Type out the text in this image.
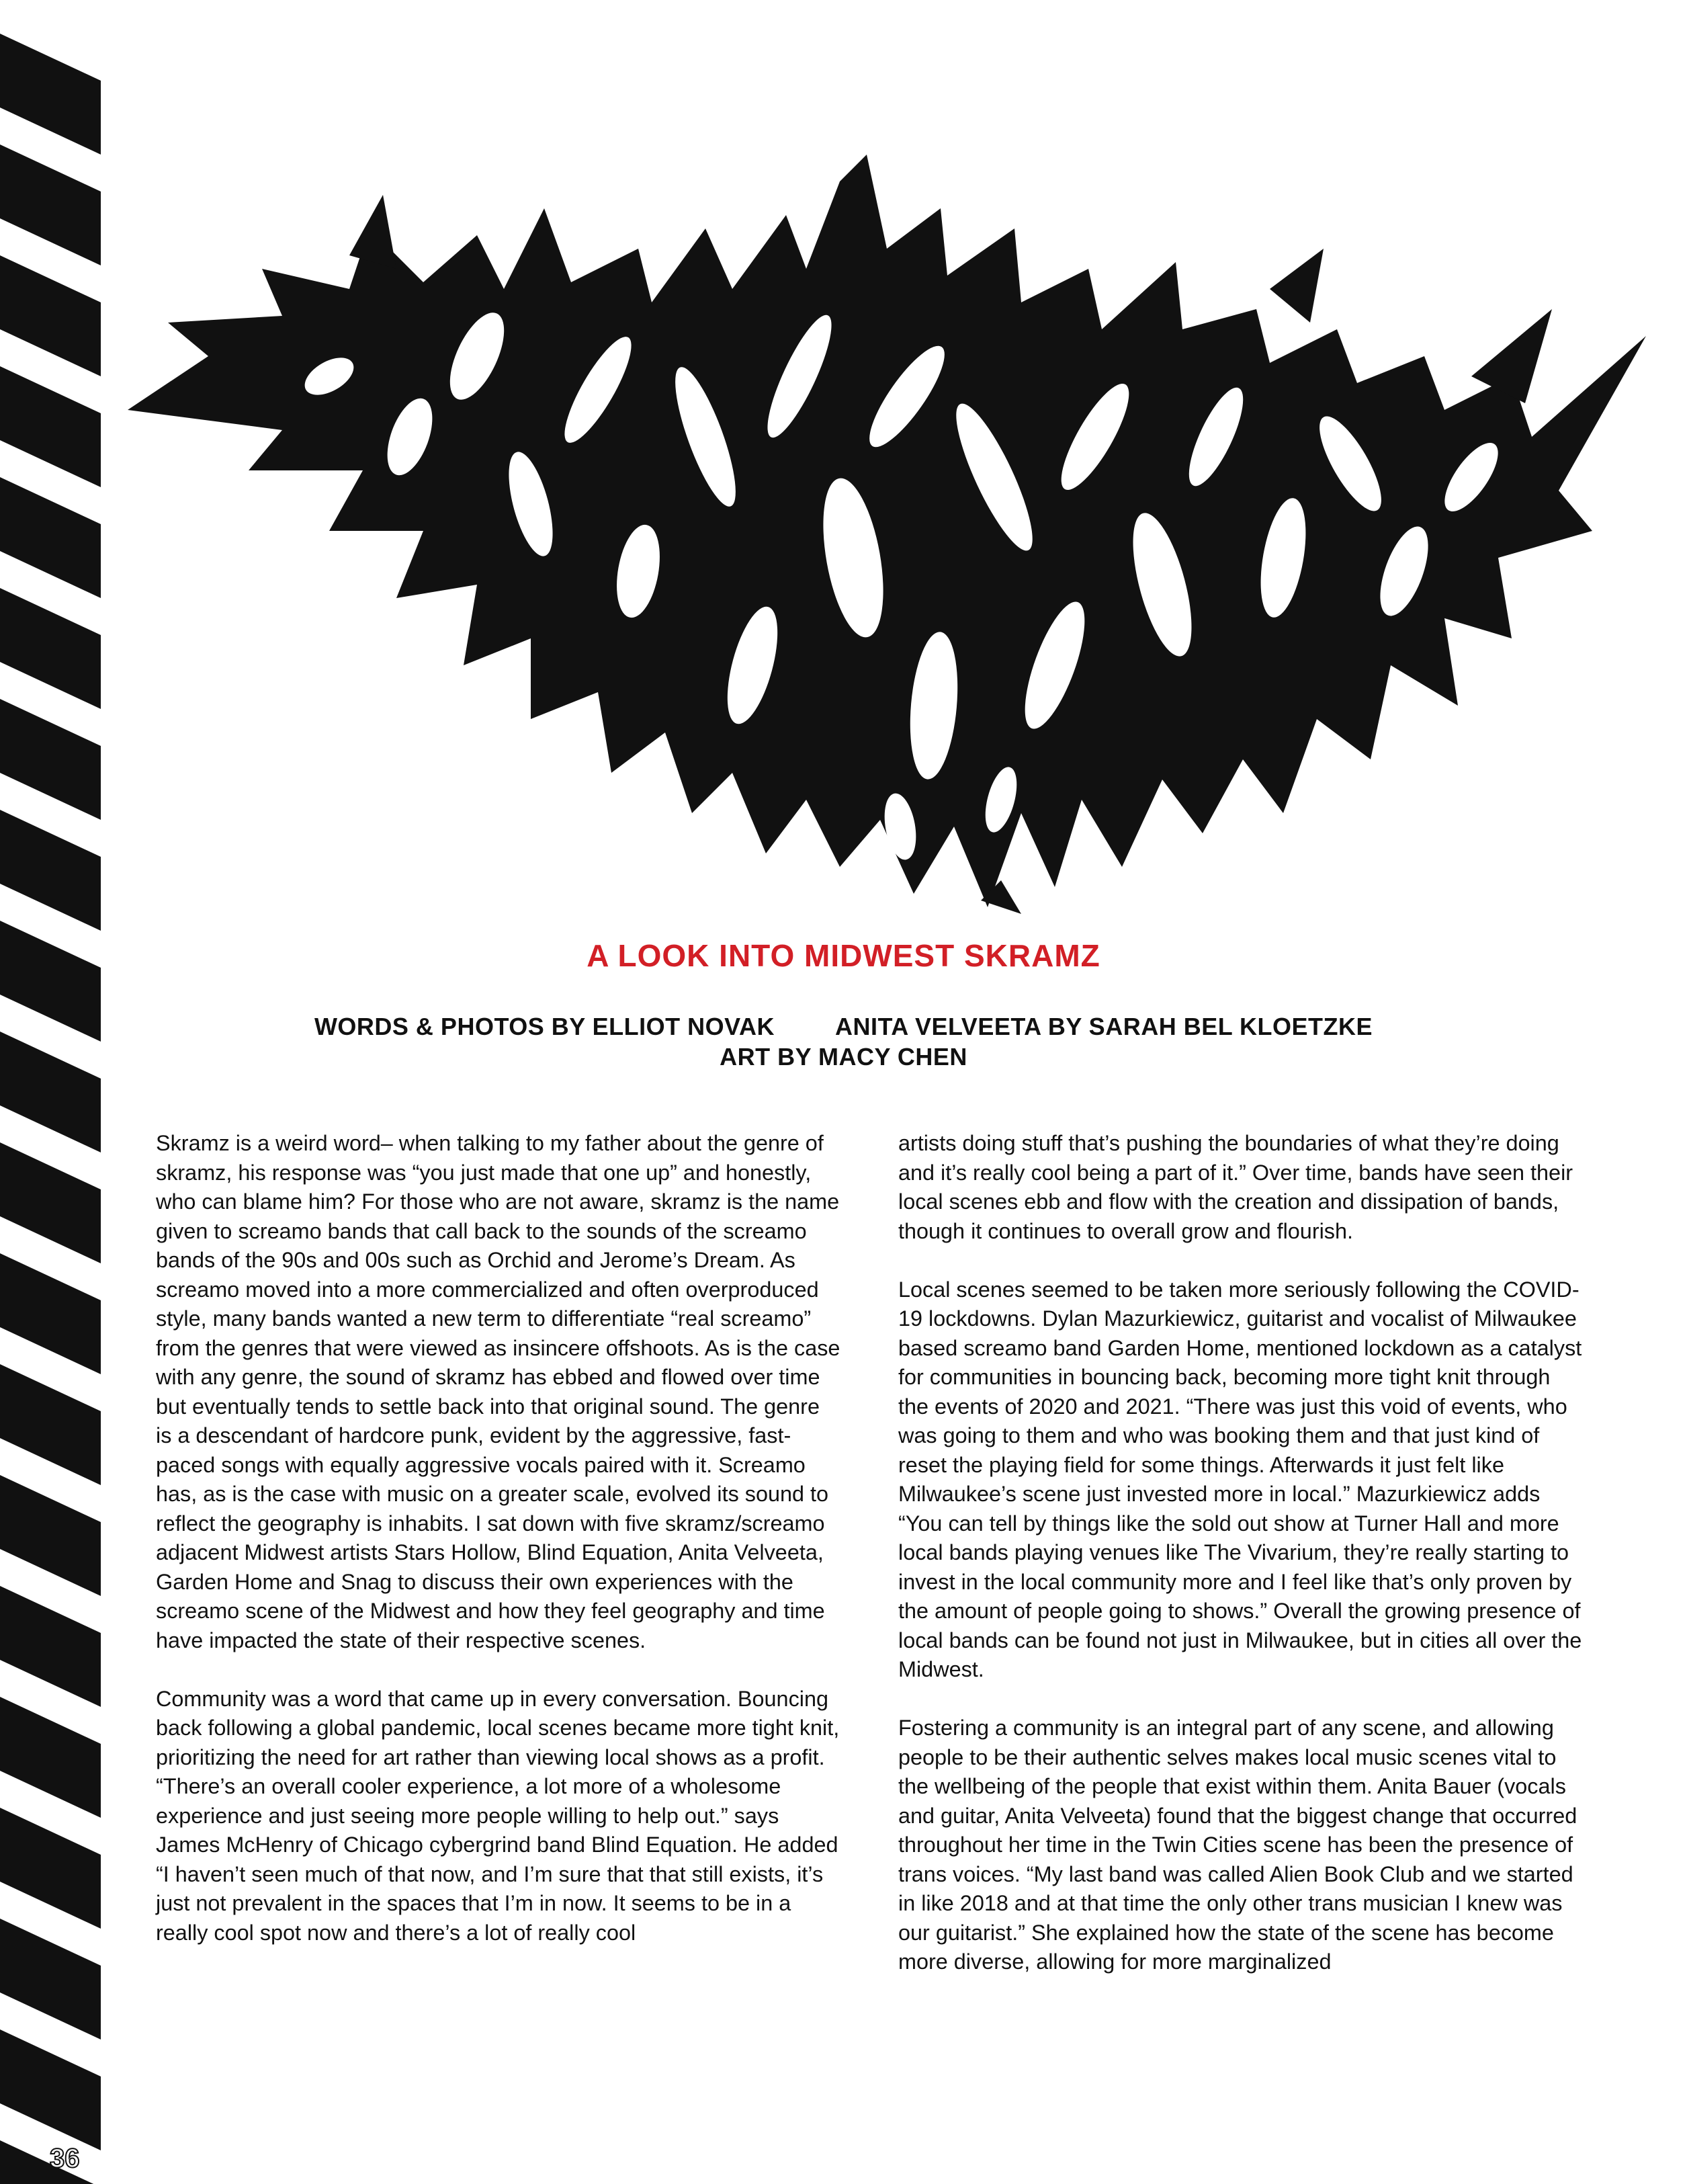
A LOOK INTO MIDWEST SKRAMZ
WORDS & PHOTOS BY ELLIOT NOVAK	ANITA VELVEETA BY SARAH BEL KLOETZKE
ART BY MACY CHEN

Skramz is a weird word– when talking to my father about the genre of skramz, his response was “you just made that one up” and honestly, who can blame him? For those who are not aware, skramz is the name given to screamo bands that call back to the sounds of the screamo bands of the 90s and 00s such as Orchid and Jerome’s Dream. As screamo moved into a more commercialized and often overproduced style, many bands wanted a new term to differentiate “real screamo” from the genres that were viewed as insincere offshoots. As is the case with any genre, the sound of skramz has ebbed and flowed over time but eventually tends to settle back into that original sound. The genre is a descendant of hardcore punk, evident by the aggressive, fast-paced songs with equally aggressive vocals paired with it. Screamo has, as is the case with music on a greater scale, evolved its sound to reflect the geography is inhabits. I sat down with five skramz/screamo adjacent Midwest artists Stars Hollow, Blind Equation, Anita Velveeta, Garden Home and Snag to discuss their own experiences with the screamo scene of the Midwest and how they feel geography and time have impacted the state of their respective scenes.

Community was a word that came up in every conversation. Bouncing back following a global pandemic, local scenes became more tight knit, prioritizing the need for art rather than viewing local shows as a profit. “There’s an overall cooler experience, a lot more of a wholesome experience and just seeing more people willing to help out.” says James McHenry of Chicago cybergrind band Blind Equation. He added “I haven’t seen much of that now, and I’m sure that that still exists, it’s just not prevalent in the spaces that I’m in now. It seems to be in a really cool spot now and there’s a lot of really cool

artists doing stuff that’s pushing the boundaries of what they’re doing and it’s really cool being a part of it.” Over time, bands have seen their local scenes ebb and flow with the creation and dissipation of bands, though it continues to overall grow and flourish.

Local scenes seemed to be taken more seriously following the COVID-19 lockdowns. Dylan Mazurkiewicz, guitarist and vocalist of Milwaukee based screamo band Garden Home, mentioned lockdown as a catalyst for communities in bouncing back, becoming more tight knit through the events of 2020 and 2021. “There was just this void of events, who was going to them and who was booking them and that just kind of reset the playing field for some things. Afterwards it just felt like Milwaukee’s scene just invested more in local.” Mazurkiewicz adds “You can tell by things like the sold out show at Turner Hall and more local bands playing venues like The Vivarium, they’re really starting to invest in the local community more and I feel like that’s only proven by the amount of people going to shows.” Overall the growing presence of local bands can be found not just in Milwaukee, but in cities all over the Midwest.

Fostering a community is an integral part of any scene, and allowing people to be their authentic selves makes local music scenes vital to the wellbeing of the people that exist within them. Anita Bauer (vocals and guitar, Anita Velveeta) found that the biggest change that occurred throughout her time in the Twin Cities scene has been the presence of trans voices. “My last band was called Alien Book Club and we started in like 2018 and at that time the only other trans musician I knew was our guitarist.” She explained how the state of the scene has become more diverse, allowing for more marginalized

36
